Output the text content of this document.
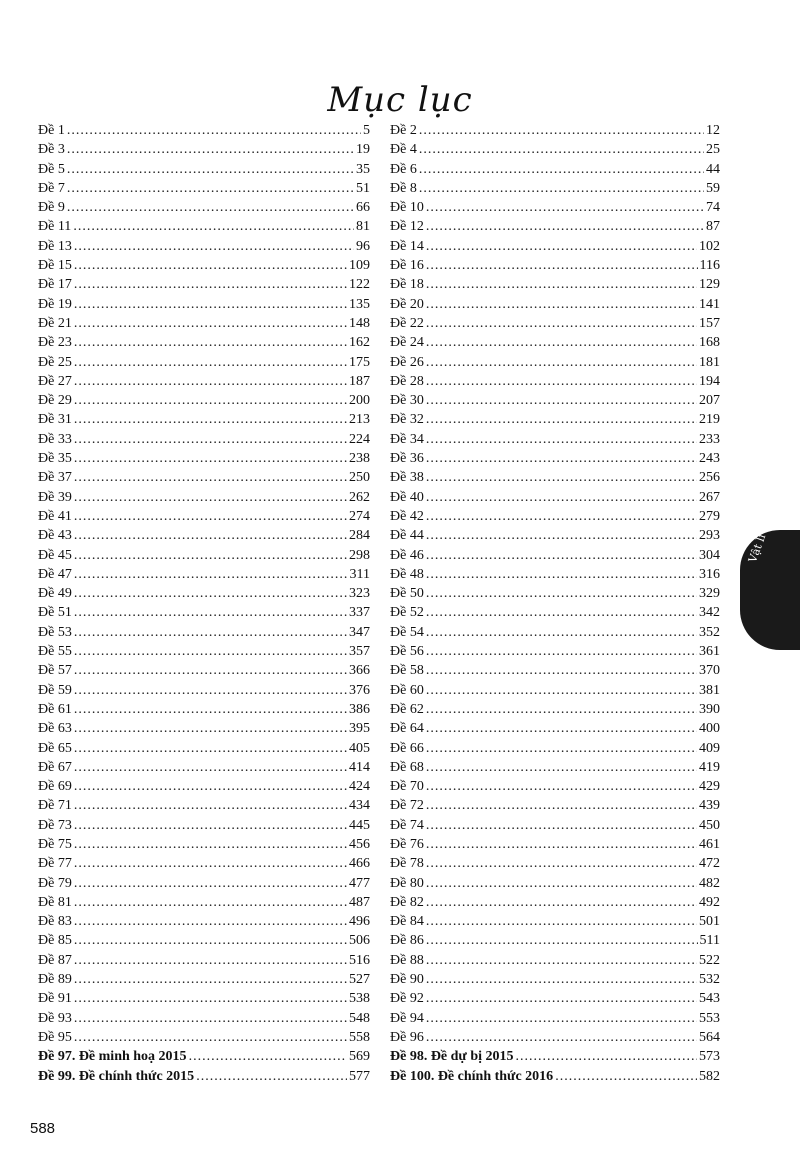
Mục lục
Đề 1 .....	5
Đề 3 .....	19
Đề 5 .....	35
Đề 7 .....	51
Đề 9 .....	66
Đề 11 .....	81
Đề 13 .....	96
Đề 15 .....	109
Đề 17 .....	122
Đề 19 .....	135
Đề 21 .....	148
Đề 23 .....	162
Đề 25 .....	175
Đề 27 .....	187
Đề 29 .....	200
Đề 31 .....	213
Đề 33 .....	224
Đề 35 .....	238
Đề 37 .....	250
Đề 39 .....	262
Đề 41 .....	274
Đề 43 .....	284
Đề 45 .....	298
Đề 47 .....	311
Đề 49 .....	323
Đề 51 .....	337
Đề 53 .....	347
Đề 55 .....	357
Đề 57 .....	366
Đề 59 .....	376
Đề 61 .....	386
Đề 63 .....	395
Đề 65 .....	405
Đề 67 .....	414
Đề 69 .....	424
Đề 71 .....	434
Đề 73 .....	445
Đề 75 .....	456
Đề 77 .....	466
Đề 79 .....	477
Đề 81 .....	487
Đề 83 .....	496
Đề 85 .....	506
Đề 87 .....	516
Đề 89 .....	527
Đề 91 .....	538
Đề 93 .....	548
Đề 95 .....	558
Đề 97. Đề minh hoạ 2015 .....	569
Đề 99. Đề chính thức 2015 .....	577
Đề 2 .....	12
Đề 4 .....	25
Đề 6 .....	44
Đề 8 .....	59
Đề 10 .....	74
Đề 12 .....	87
Đề 14 .....	102
Đề 16 .....	116
Đề 18 .....	129
Đề 20 .....	141
Đề 22 .....	157
Đề 24 .....	168
Đề 26 .....	181
Đề 28 .....	194
Đề 30 .....	207
Đề 32 .....	219
Đề 34 .....	233
Đề 36 .....	243
Đề 38 .....	256
Đề 40 .....	267
Đề 42 .....	279
Đề 44 .....	293
Đề 46 .....	304
Đề 48 .....	316
Đề 50 .....	329
Đề 52 .....	342
Đề 54 .....	352
Đề 56 .....	361
Đề 58 .....	370
Đề 60 .....	381
Đề 62 .....	390
Đề 64 .....	400
Đề 66 .....	409
Đề 68 .....	419
Đề 70 .....	429
Đề 72 .....	439
Đề 74 .....	450
Đề 76 .....	461
Đề 78 .....	472
Đề 80 .....	482
Đề 82 .....	492
Đề 84 .....	501
Đề 86 .....	511
Đề 88 .....	522
Đề 90 .....	532
Đề 92 .....	543
Đề 94 .....	553
Đề 96 .....	564
Đề 98. Đề dự bị 2015 .....	573
Đề 100. Đề chính thức 2016 .....	582
Vật lí
588
